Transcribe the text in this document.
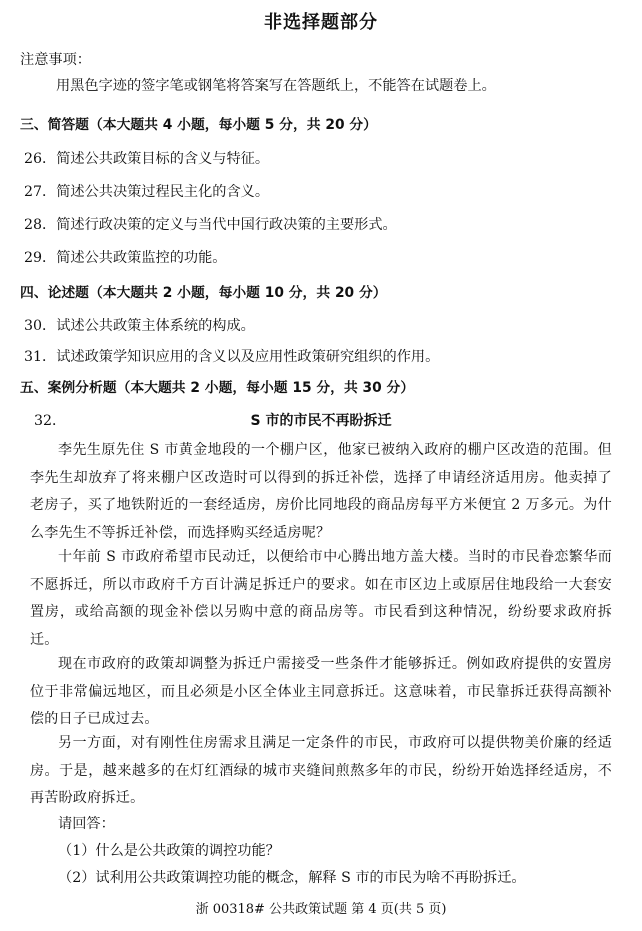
非选择题部分
注意事项：
用黑色字迹的签字笔或钢笔将答案写在答题纸上，不能答在试题卷上。
三、简答题（本大题共 4 小题，每小题 5 分，共 20 分）
26．简述公共政策目标的含义与特征。
27．简述公共决策过程民主化的含义。
28．简述行政决策的定义与当代中国行政决策的主要形式。
29．简述公共政策监控的功能。
四、论述题（本大题共 2 小题，每小题 10 分，共 20 分）
30．试述公共政策主体系统的构成。
31．试述政策学知识应用的含义以及应用性政策研究组织的作用。
五、案例分析题（本大题共 2 小题，每小题 15 分，共 30 分）
32．	S 市的市民不再盼拆迁
李先生原先住 S 市黄金地段的一个棚户区，他家已被纳入政府的棚户区改造的范围。但李先生却放弃了将来棚户区改造时可以得到的拆迁补偿，选择了申请经济适用房。他卖掉了老房子，买了地铁附近的一套经适房，房价比同地段的商品房每平方米便宜 2 万多元。为什么李先生不等拆迁补偿，而选择购买经适房呢？
十年前 S 市政府希望市民动迁，以便给市中心腾出地方盖大楼。当时的市民眷恋繁华而不愿拆迁，所以市政府千方百计满足拆迁户的要求。如在市区边上或原居住地段给一大套安置房，或给高额的现金补偿以另购中意的商品房等。市民看到这种情况，纷纷要求政府拆迁。
现在市政府的政策却调整为拆迁户需接受一些条件才能够拆迁。例如政府提供的安置房位于非常偏远地区，而且必须是小区全体业主同意拆迁。这意味着，市民靠拆迁获得高额补偿的日子已成过去。
另一方面，对有刚性住房需求且满足一定条件的市民，市政府可以提供物美价廉的经适房。于是，越来越多的在灯红酒绿的城市夹缝间煎熬多年的市民，纷纷开始选择经适房，不再苦盼政府拆迁。
请回答：
（1）什么是公共政策的调控功能？
（2）试利用公共政策调控功能的概念，解释 S 市的市民为啥不再盼拆迁。
浙 00318# 公共政策试题 第 4 页(共 5 页)
